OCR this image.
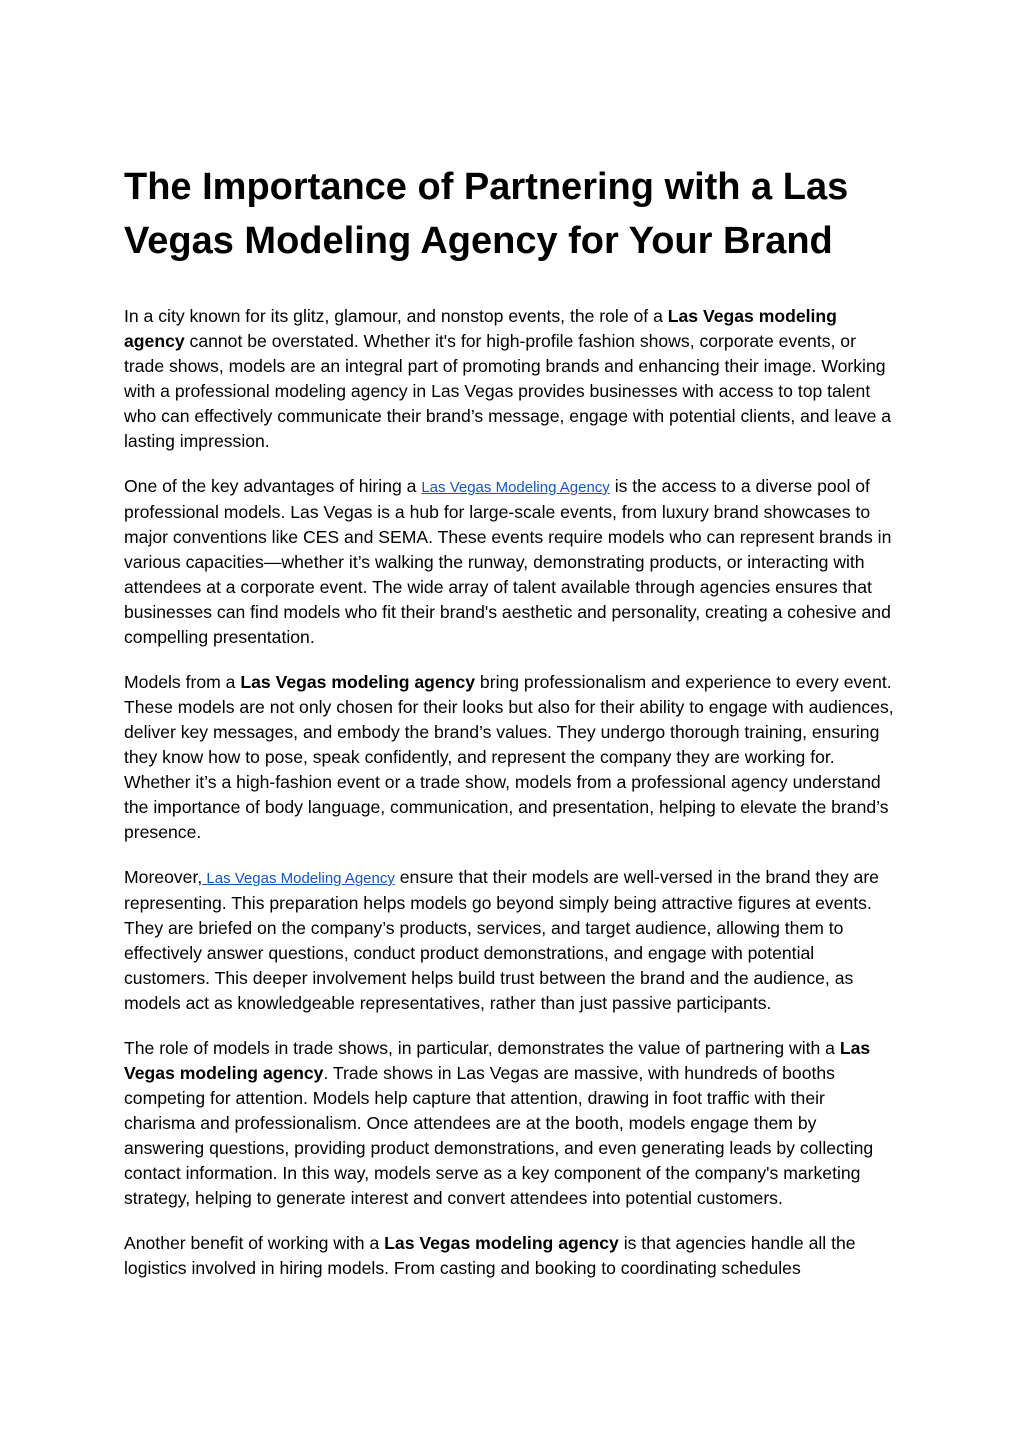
The Importance of Partnering with a Las Vegas Modeling Agency for Your Brand

In a city known for its glitz, glamour, and nonstop events, the role of a Las Vegas modeling agency cannot be overstated. Whether it's for high-profile fashion shows, corporate events, or trade shows, models are an integral part of promoting brands and enhancing their image. Working with a professional modeling agency in Las Vegas provides businesses with access to top talent who can effectively communicate their brand’s message, engage with potential clients, and leave a lasting impression.

One of the key advantages of hiring a Las Vegas Modeling Agency is the access to a diverse pool of professional models. Las Vegas is a hub for large-scale events, from luxury brand showcases to major conventions like CES and SEMA. These events require models who can represent brands in various capacities—whether it’s walking the runway, demonstrating products, or interacting with attendees at a corporate event. The wide array of talent available through agencies ensures that businesses can find models who fit their brand's aesthetic and personality, creating a cohesive and compelling presentation.

Models from a Las Vegas modeling agency bring professionalism and experience to every event. These models are not only chosen for their looks but also for their ability to engage with audiences, deliver key messages, and embody the brand’s values. They undergo thorough training, ensuring they know how to pose, speak confidently, and represent the company they are working for. Whether it’s a high-fashion event or a trade show, models from a professional agency understand the importance of body language, communication, and presentation, helping to elevate the brand’s presence.

Moreover, Las Vegas Modeling Agency ensure that their models are well-versed in the brand they are representing. This preparation helps models go beyond simply being attractive figures at events. They are briefed on the company’s products, services, and target audience, allowing them to effectively answer questions, conduct product demonstrations, and engage with potential customers. This deeper involvement helps build trust between the brand and the audience, as models act as knowledgeable representatives, rather than just passive participants.

The role of models in trade shows, in particular, demonstrates the value of partnering with a Las Vegas modeling agency. Trade shows in Las Vegas are massive, with hundreds of booths competing for attention. Models help capture that attention, drawing in foot traffic with their charisma and professionalism. Once attendees are at the booth, models engage them by answering questions, providing product demonstrations, and even generating leads by collecting contact information. In this way, models serve as a key component of the company's marketing strategy, helping to generate interest and convert attendees into potential customers.

Another benefit of working with a Las Vegas modeling agency is that agencies handle all the logistics involved in hiring models. From casting and booking to coordinating schedules
